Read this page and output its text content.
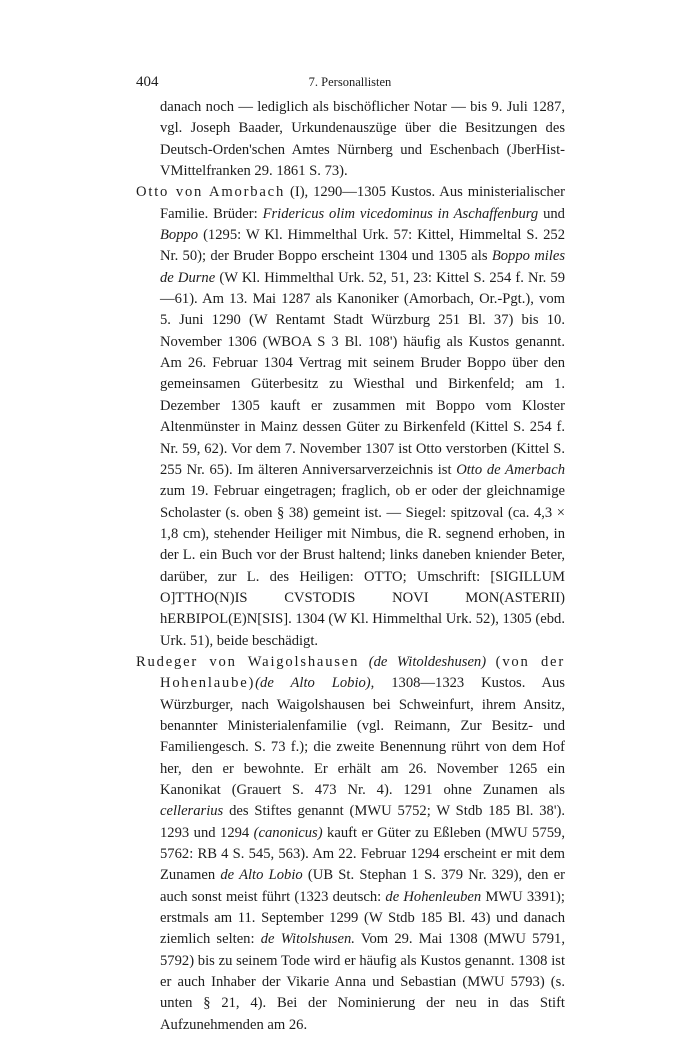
404	7. Personallisten

danach noch — lediglich als bischöflicher Notar — bis 9. Juli 1287, vgl. Joseph Baader, Urkundenauszüge über die Besitzungen des Deutsch-Orden'schen Amtes Nürnberg und Eschenbach (JberHist-VMittelfranken 29. 1861 S. 73).

Otto von Amorbach (I), 1290—1305 Kustos. Aus ministerialischer Familie. Brüder: Fridericus olim vicedominus in Aschaffenburg und Boppo (1295: W Kl. Himmelthal Urk. 57: Kittel, Himmeltal S. 252 Nr. 50); der Bruder Boppo erscheint 1304 und 1305 als Boppo miles de Durne (W Kl. Himmelthal Urk. 52, 51, 23: Kittel S. 254 f. Nr. 59—61). Am 13. Mai 1287 als Kanoniker (Amorbach, Or.-Pgt.), vom 5. Juni 1290 (W Rentamt Stadt Würzburg 251 Bl. 37) bis 10. November 1306 (WBOA S 3 Bl. 108') häufig als Kustos genannt. Am 26. Februar 1304 Vertrag mit seinem Bruder Boppo über den gemeinsamen Güterbesitz zu Wiesthal und Birkenfeld; am 1. Dezember 1305 kauft er zusammen mit Boppo vom Kloster Altenmünster in Mainz dessen Güter zu Birkenfeld (Kittel S. 254 f. Nr. 59, 62). Vor dem 7. November 1307 ist Otto verstorben (Kittel S. 255 Nr. 65). Im älteren Anniversarverzeichnis ist Otto de Amerbach zum 19. Februar eingetragen; fraglich, ob er oder der gleichnamige Scholaster (s. oben § 38) gemeint ist. — Siegel: spitzoval (ca. 4,3 × 1,8 cm), stehender Heiliger mit Nimbus, die R. segnend erhoben, in der L. ein Buch vor der Brust haltend; links daneben kniender Beter, darüber, zur L. des Heiligen: OTTO; Umschrift: [SIGILLUM O]TTHO(N)IS CVSTODIS NOVI MON(ASTERII) hERBIPOL(E)N[SIS]. 1304 (W Kl. Himmelthal Urk. 52), 1305 (ebd. Urk. 51), beide beschädigt.

Rudeger von Waigolshausen (de Witoldeshusen) (von der Hohenlaube)(de Alto Lobio), 1308—1323 Kustos. Aus Würzburger, nach Waigolshausen bei Schweinfurt, ihrem Ansitz, benannter Ministerialenfamilie (vgl. Reimann, Zur Besitz- und Familiengesch. S. 73 f.); die zweite Benennung rührt von dem Hof her, den er bewohnte. Er erhält am 26. November 1265 ein Kanonikat (Grauert S. 473 Nr. 4). 1291 ohne Zunamen als cellerarius des Stiftes genannt (MWU 5752; W Stdb 185 Bl. 38'). 1293 und 1294 (canonicus) kauft er Güter zu Eßleben (MWU 5759, 5762: RB 4 S. 545, 563). Am 22. Februar 1294 erscheint er mit dem Zunamen de Alto Lobio (UB St. Stephan 1 S. 379 Nr. 329), den er auch sonst meist führt (1323 deutsch: de Hohenleuben MWU 3391); erstmals am 11. September 1299 (W Stdb 185 Bl. 43) und danach ziemlich selten: de Witolshusen. Vom 29. Mai 1308 (MWU 5791, 5792) bis zu seinem Tode wird er häufig als Kustos genannt. 1308 ist er auch Inhaber der Vikarie Anna und Sebastian (MWU 5793) (s. unten § 21, 4). Bei der Nominierung der neu in das Stift Aufzunehmenden am 26.
